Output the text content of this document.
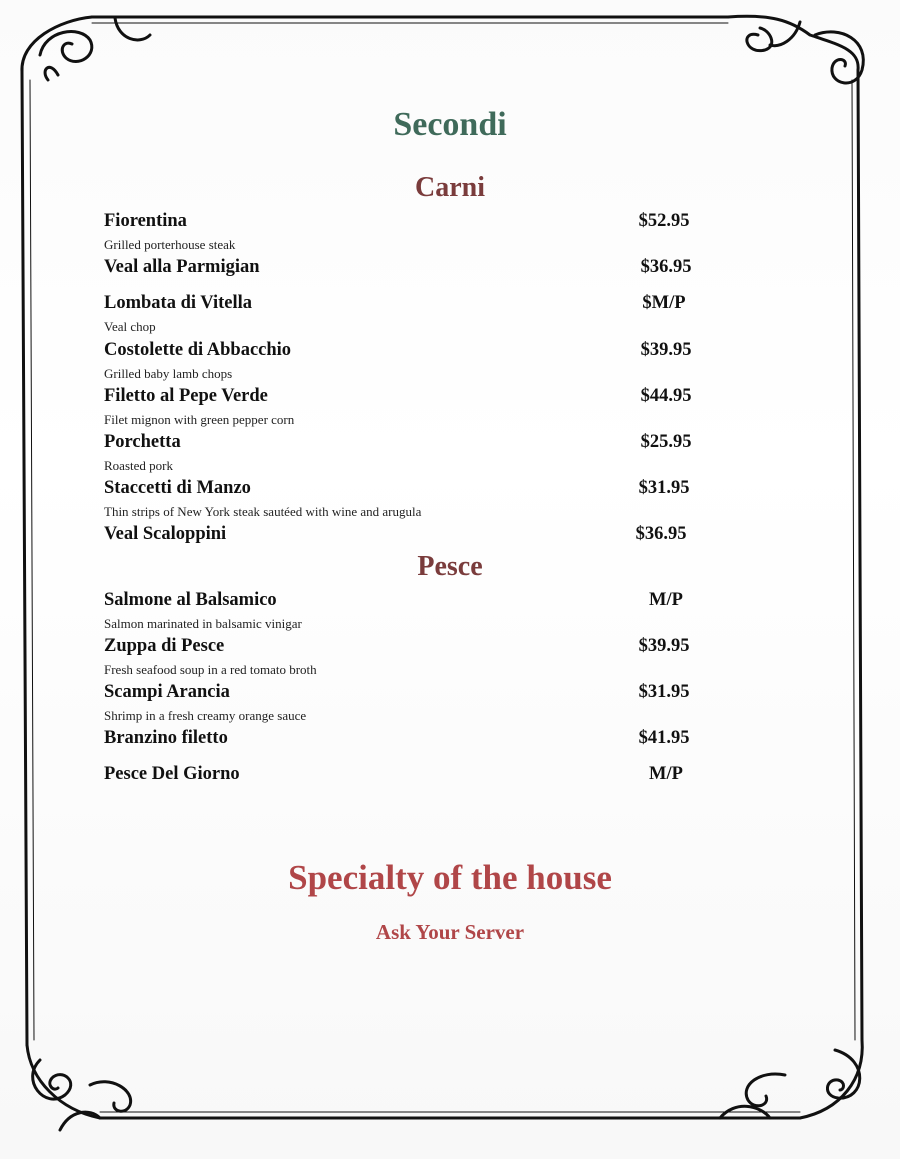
Secondi
Carni
Fiorentina	$52.95
Grilled porterhouse steak
Veal alla Parmigian	$36.95
Lombata di Vitella	$M/P
Veal chop
Costolette di Abbacchio	$39.95
Grilled baby lamb chops
Filetto al Pepe Verde	$44.95
Filet mignon with green pepper corn
Porchetta	$25.95
Roasted pork
Staccetti di Manzo	$31.95
Thin strips of New York steak sautéed with wine and arugula
Veal Scaloppini	$36.95
Pesce
Salmone al Balsamico	M/P
Salmon marinated in balsamic vinigar
Zuppa di Pesce	$39.95
Fresh seafood soup in a red tomato broth
Scampi Arancia	$31.95
Shrimp in a fresh creamy orange sauce
Branzino filetto	$41.95
Pesce Del Giorno	M/P
Specialty of the house
Ask Your Server
